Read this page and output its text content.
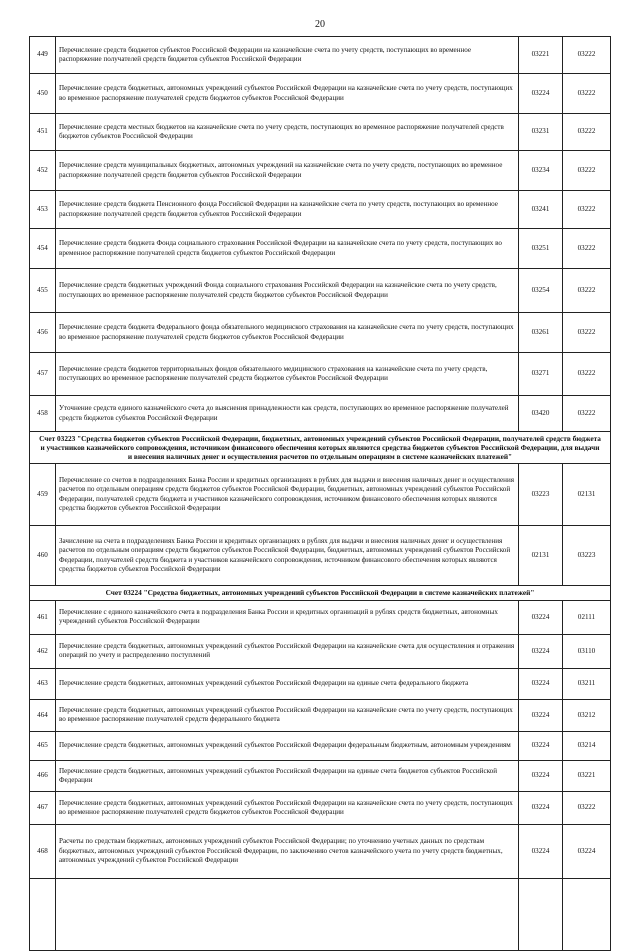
20
449	Перечисление средств бюджетов субъектов Российской Федерации на казначейские счета по учету средств, поступающих во временное распоряжение получателей средств бюджетов субъектов Российской Федерации	03221	03222
450	Перечисление средств бюджетных, автономных учреждений субъектов Российской Федерации на казначейские счета по учету средств, поступающих во временное распоряжение получателей средств бюджетов субъектов Российской Федерации	03224	03222
451	Перечисление средств местных бюджетов на казначейские счета по учету средств, поступающих во временное распоряжение получателей средств бюджетов субъектов Российской Федерации	03231	03222
452	Перечисление средств муниципальных бюджетных, автономных учреждений на казначейские счета по учету средств, поступающих во временное распоряжение получателей средств бюджетов субъектов Российской Федерации	03234	03222
453	Перечисление средств бюджета Пенсионного фонда Российской Федерации на казначейские счета по учету средств, поступающих во временное распоряжение получателей средств бюджетов субъектов Российской Федерации	03241	03222
454	Перечисление средств бюджета Фонда социального страхования Российской Федерации на казначейские счета по учету средств, поступающих во временное распоряжение получателей средств бюджетов субъектов Российской Федерации	03251	03222
455	Перечисление средств бюджетных учреждений Фонда социального страхования Российской Федерации на казначейские счета по учету средств, поступающих во временное распоряжение получателей средств бюджетов субъектов Российской Федерации	03254	03222
456	Перечисление средств бюджета Федерального фонда обязательного медицинского страхования на казначейские счета по учету средств, поступающих во временное распоряжение получателей средств бюджетов субъектов Российской Федерации	03261	03222
457	Перечисление средств бюджетов территориальных фондов обязательного медицинского страхования на казначейские счета по учету средств, поступающих во временное распоряжение получателей средств бюджетов субъектов Российской Федерации	03271	03222
458	Уточнение средств единого казначейского счета до выяснения принадлежности как средств, поступающих во временное распоряжение получателей средств бюджетов субъектов Российской Федерации	03420	03222
Счет 03223 "Средства бюджетов субъектов Российской Федерации, бюджетных, автономных учреждений субъектов Российской Федерации, получателей средств бюджета и участников казначейского сопровождения, источником финансового обеспечения которых являются средства бюджетов субъектов Российской Федерации, для выдачи и внесения наличных денег и осуществления расчетов по отдельным операциям в системе казначейских платежей"			
459	Перечисление со счетов в подразделениях Банка России и кредитных организациях в рублях для выдачи и внесения наличных денег и осуществления расчетов по отдельным операциям средств бюджетов субъектов Российской Федерации, бюджетных, автономных учреждений субъектов Российской Федерации, получателей средств бюджета и участников казначейского сопровождения, источником финансового обеспечения которых являются средства бюджетов субъектов Российской Федерации	03223	02131
460	Зачисление на счета в подразделениях Банка России и кредитных организациях в рублях для выдачи и внесения наличных денег и осуществления расчетов по отдельным операциям средств бюджетов субъектов Российской Федерации, бюджетных, автономных учреждений субъектов Российской Федерации, получателей средств бюджета и участников казначейского сопровождения, источником финансового обеспечения которых являются средства бюджетов субъектов Российской Федерации	02131	03223
Счет 03224 "Средства бюджетных, автономных учреждений субъектов Российской Федерации в системе казначейских платежей"			
461	Перечисление с единого казначейского счета в подразделения Банка России и кредитных организаций в рублях средств бюджетных, автономных учреждений субъектов Российской Федерации	03224	02111
462	Перечисление средств бюджетных, автономных учреждений субъектов Российской Федерации на казначейские счета для осуществления и отражения операций по учету и распределению поступлений	03224	03110
463	Перечисление средств бюджетных, автономных учреждений субъектов Российской Федерации на единые счета федерального бюджета	03224	03211
464	Перечисление средств бюджетных, автономных учреждений субъектов Российской Федерации на казначейские счета по учету средств, поступающих во временное распоряжение получателей средств федерального бюджета	03224	03212
465	Перечисление средств бюджетных, автономных учреждений субъектов Российской Федерации федеральным бюджетным, автономным учреждениям	03224	03214
466	Перечисление средств бюджетных, автономных учреждений субъектов Российской Федерации на единые счета бюджетов субъектов Российской Федерации	03224	03221
467	Перечисление средств бюджетных, автономных учреждений субъектов Российской Федерации на казначейские счета по учету средств, поступающих во временное распоряжение получателей средств бюджетов субъектов Российской Федерации	03224	03222
468	Расчеты по средствам бюджетных, автономных учреждений субъектов Российской Федерации; по уточнению учетных данных по средствам бюджетных, автономных учреждений субъектов Российской Федерации, по заключению счетов казначейского учета по учету средств бюджетных, автономных учреждений субъектов Российской Федерации	03224	03224
